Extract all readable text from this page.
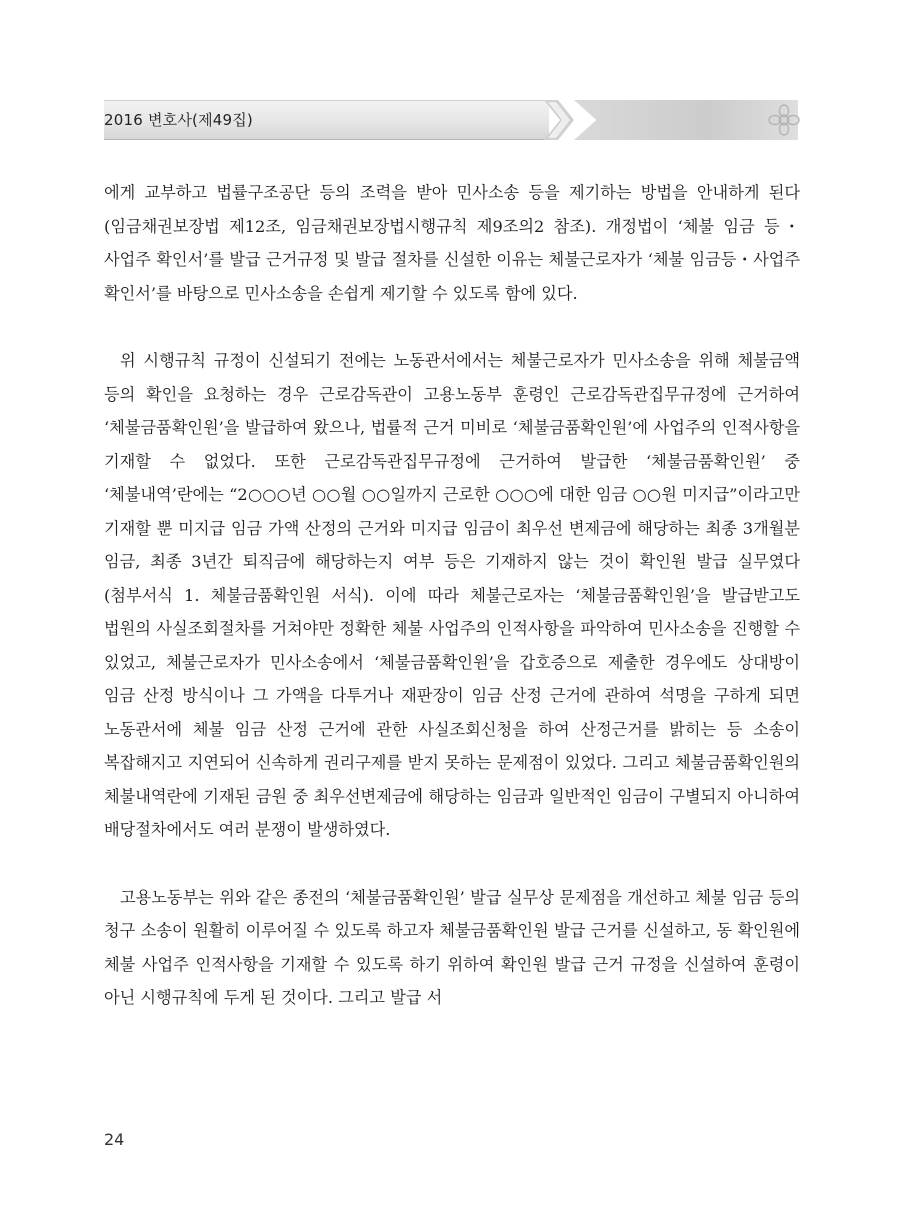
2016 변호사(제49집)

에게 교부하고 법률구조공단 등의 조력을 받아 민사소송 등을 제기하는 방법을 안내하게 된다(임금채권보장법 제12조, 임금채권보장법시행규칙 제9조의2 참조). 개정법이 ‘체불 임금 등・사업주 확인서’를 발급 근거규정 및 발급 절차를 신설한 이유는 체불근로자가 ‘체불 임금등・사업주 확인서’를 바탕으로 민사소송을 손쉽게 제기할 수 있도록 함에 있다.

위 시행규칙 규정이 신설되기 전에는 노동관서에서는 체불근로자가 민사소송을 위해 체불금액 등의 확인을 요청하는 경우 근로감독관이 고용노동부 훈령인 근로감독관집무규정에 근거하여 ‘체불금품확인원’을 발급하여 왔으나, 법률적 근거 미비로 ‘체불금품확인원’에 사업주의 인적사항을 기재할 수 없었다. 또한 근로감독관집무규정에 근거하여 발급한 ‘체불금품확인원’ 중 ‘체불내역’란에는 “2○○○년 ○○월 ○○일까지 근로한 ○○○에 대한 임금 ○○원 미지급”이라고만 기재할 뿐 미지급 임금 가액 산정의 근거와 미지급 임금이 최우선 변제금에 해당하는 최종 3개월분 임금, 최종 3년간 퇴직금에 해당하는지 여부 등은 기재하지 않는 것이 확인원 발급 실무였다(첨부서식 1. 체불금품확인원 서식). 이에 따라 체불근로자는 ‘체불금품확인원’을 발급받고도 법원의 사실조회절차를 거쳐야만 정확한 체불 사업주의 인적사항을 파악하여 민사소송을 진행할 수 있었고, 체불근로자가 민사소송에서 ‘체불금품확인원’을 갑호증으로 제출한 경우에도 상대방이 임금 산정 방식이나 그 가액을 다투거나 재판장이 임금 산정 근거에 관하여 석명을 구하게 되면 노동관서에 체불 임금 산정 근거에 관한 사실조회신청을 하여 산정근거를 밝히는 등 소송이 복잡해지고 지연되어 신속하게 권리구제를 받지 못하는 문제점이 있었다. 그리고 체불금품확인원의 체불내역란에 기재된 금원 중 최우선변제금에 해당하는 임금과 일반적인 임금이 구별되지 아니하여 배당절차에서도 여러 분쟁이 발생하였다.

고용노동부는 위와 같은 종전의 ‘체불금품확인원’ 발급 실무상 문제점을 개선하고 체불 임금 등의 청구 소송이 원활히 이루어질 수 있도록 하고자 체불금품확인원 발급 근거를 신설하고, 동 확인원에 체불 사업주 인적사항을 기재할 수 있도록 하기 위하여 확인원 발급 근거 규정을 신설하여 훈령이 아닌 시행규칙에 두게 된 것이다. 그리고 발급 서

24
